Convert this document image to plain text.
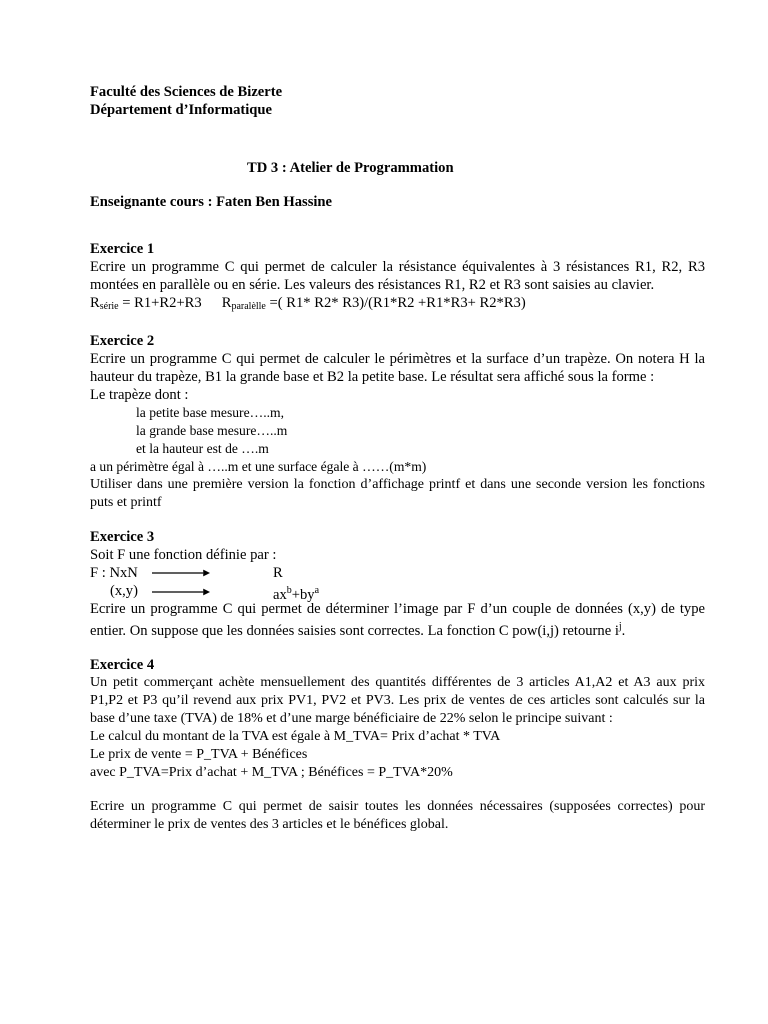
Faculté des Sciences de Bizerte
Département d’Informatique
TD 3 : Atelier de Programmation
Enseignante cours : Faten Ben Hassine
Exercice 1
Ecrire un programme C qui permet de calculer la résistance équivalentes à 3 résistances R1, R2, R3 montées en parallèle ou en série. Les valeurs des résistances R1, R2 et R3 sont saisies au clavier.
$R_{série} = R1+R2+R3$ $R_{paralèlle}$ =( R1* R2* R3)/(R1*R2 +R1*R3+ R2*R3)
Exercice 2
Ecrire un programme C qui permet de calculer le périmètres et la surface d’un trapèze. On notera H la hauteur du trapèze, B1 la grande base et B2 la petite base. Le résultat sera affiché sous la forme :
Le trapèze dont :
la petite base mesure…..m,
la grande base mesure…..m
et la hauteur est de ….m
a un périmètre égal à …..m et une surface égale à ……(m*m)
Utiliser dans une première version la fonction d’affichage printf et dans une seconde version les fonctions puts et printf
Exercice 3
Soit F une fonction définie par :
F : NxN	R
(x,y)	$ax^b+by^a$
Ecrire un programme C qui permet de déterminer l’image par F d’un couple de données (x,y) de type entier. On suppose que les données saisies sont correctes. La fonction C pow(i,j) retourne $i^j$.
Exercice 4
Un petit commerçant achète mensuellement des quantités différentes de 3 articles A1,A2 et A3 aux prix P1,P2 et P3 qu’il revend aux prix PV1, PV2 et PV3. Les prix de ventes de ces articles sont calculés sur la base d’une taxe (TVA) de 18% et d’une marge bénéficiaire de 22% selon le principe suivant :
Le calcul du montant de la TVA est égale à M_TVA= Prix d’achat * TVA
Le prix de vente = P_TVA + Bénéfices
avec P_TVA=Prix d’achat + M_TVA ; Bénéfices = P_TVA*20%
Ecrire un programme C qui permet de saisir toutes les données nécessaires (supposées correctes) pour déterminer le prix de ventes des 3 articles et le bénéfices global.
